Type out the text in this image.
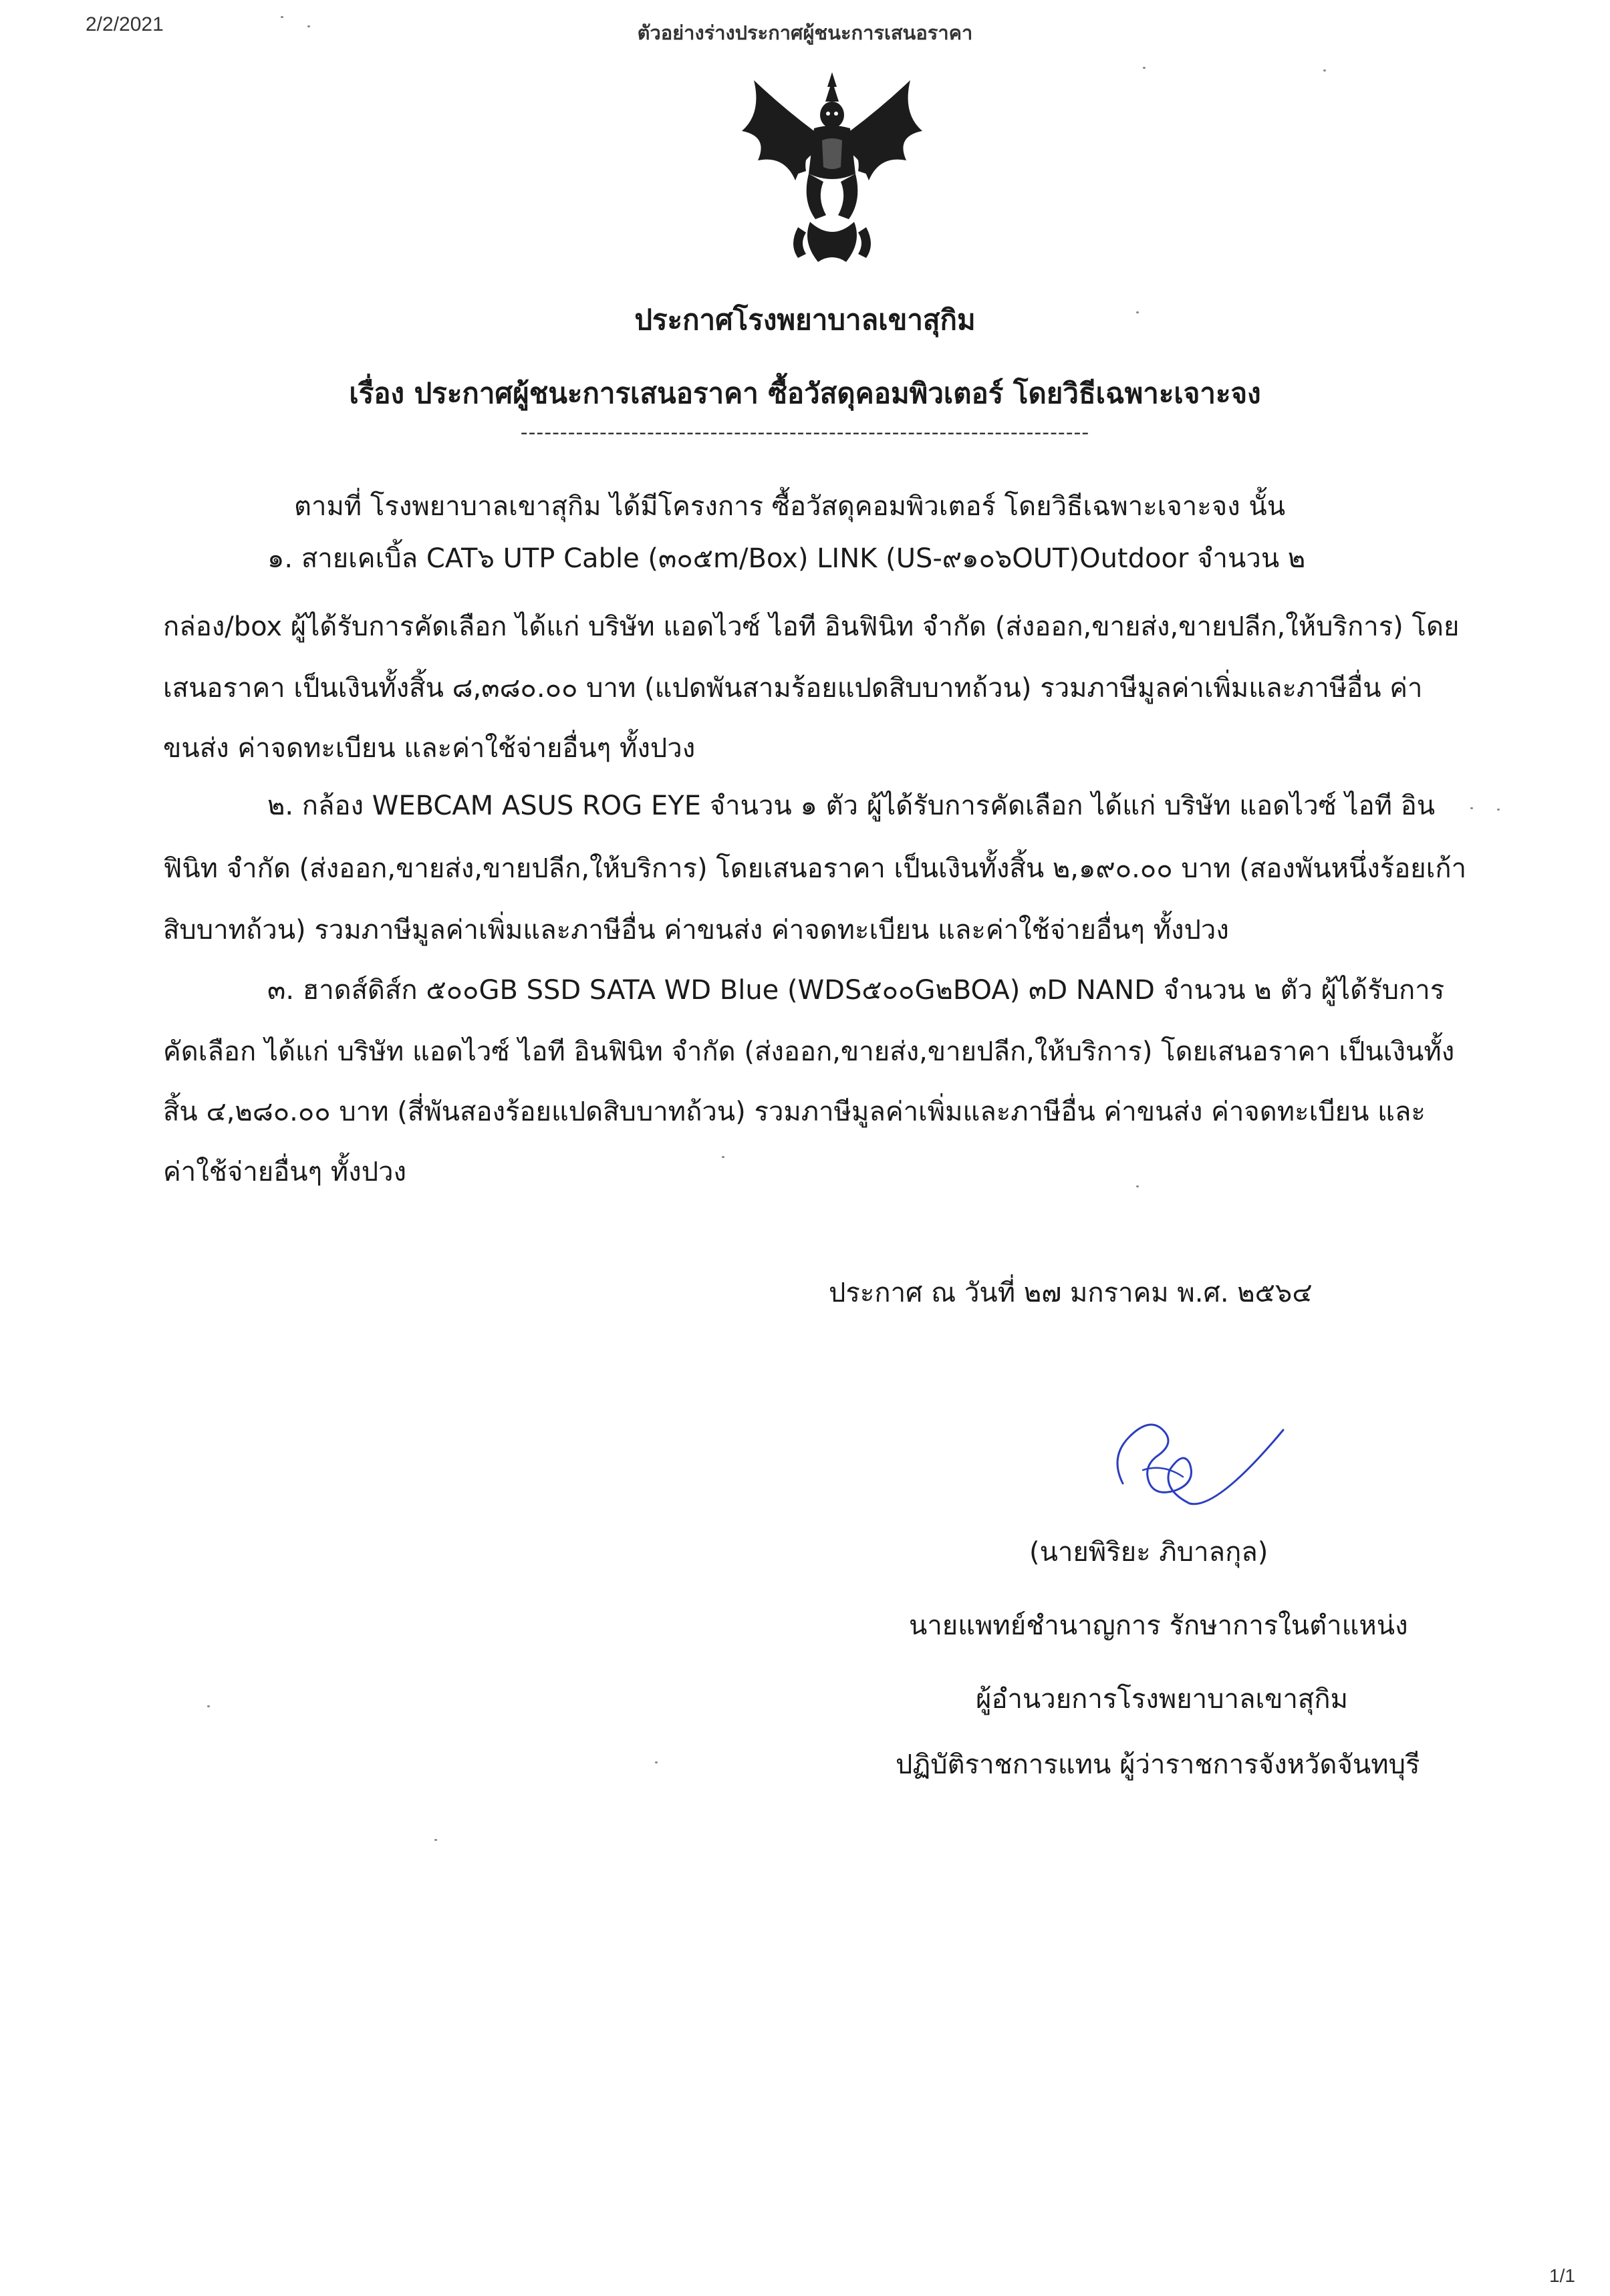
2/2/2021	ตัวอย่างร่างประกาศผู้ชนะการเสนอราคา
ประกาศโรงพยาบาลเขาสุกิม
เรื่อง ประกาศผู้ชนะการเสนอราคา ซื้อวัสดุคอมพิวเตอร์ โดยวิธีเฉพาะเจาะจง
------------------------------------------------------------------------
ตามที่ โรงพยาบาลเขาสุกิม ได้มีโครงการ ซื้อวัสดุคอมพิวเตอร์ โดยวิธีเฉพาะเจาะจง นั้น
๑. สายเคเบิ้ล CAT๖ UTP Cable (๓๐๕m/Box) LINK (US-๙๑๐๖OUT)Outdoor จำนวน ๒
กล่อง/box ผู้ได้รับการคัดเลือก ได้แก่ บริษัท แอดไวซ์ ไอที อินฟินิท จำกัด (ส่งออก,ขายส่ง,ขายปลีก,ให้บริการ) โดย
เสนอราคา เป็นเงินทั้งสิ้น ๘,๓๘๐.๐๐ บาท (แปดพันสามร้อยแปดสิบบาทถ้วน) รวมภาษีมูลค่าเพิ่มและภาษีอื่น ค่า
ขนส่ง ค่าจดทะเบียน และค่าใช้จ่ายอื่นๆ ทั้งปวง
๒. กล้อง WEBCAM ASUS ROG EYE จำนวน ๑ ตัว ผู้ได้รับการคัดเลือก ได้แก่ บริษัท แอดไวซ์ ไอที อิน
ฟินิท จำกัด (ส่งออก,ขายส่ง,ขายปลีก,ให้บริการ) โดยเสนอราคา เป็นเงินทั้งสิ้น ๒,๑๙๐.๐๐ บาท (สองพันหนึ่งร้อยเก้า
สิบบาทถ้วน) รวมภาษีมูลค่าเพิ่มและภาษีอื่น ค่าขนส่ง ค่าจดทะเบียน และค่าใช้จ่ายอื่นๆ ทั้งปวง
๓. ฮาดส์ดิส์ก ๕๐๐GB SSD SATA WD Blue (WDS๕๐๐G๒BOA) ๓D NAND จำนวน ๒ ตัว ผู้ได้รับการ
คัดเลือก ได้แก่ บริษัท แอดไวซ์ ไอที อินฟินิท จำกัด (ส่งออก,ขายส่ง,ขายปลีก,ให้บริการ) โดยเสนอราคา เป็นเงินทั้ง
สิ้น ๔,๒๘๐.๐๐ บาท (สี่พันสองร้อยแปดสิบบาทถ้วน) รวมภาษีมูลค่าเพิ่มและภาษีอื่น ค่าขนส่ง ค่าจดทะเบียน และ
ค่าใช้จ่ายอื่นๆ ทั้งปวง
ประกาศ ณ วันที่ ๒๗ มกราคม พ.ศ. ๒๕๖๔
(นายพิริยะ ภิบาลกุล)
นายแพทย์ชำนาญการ รักษาการในตำแหน่ง
ผู้อำนวยการโรงพยาบาลเขาสุกิม
ปฏิบัติราชการแทน ผู้ว่าราชการจังหวัดจันทบุรี
1/1
